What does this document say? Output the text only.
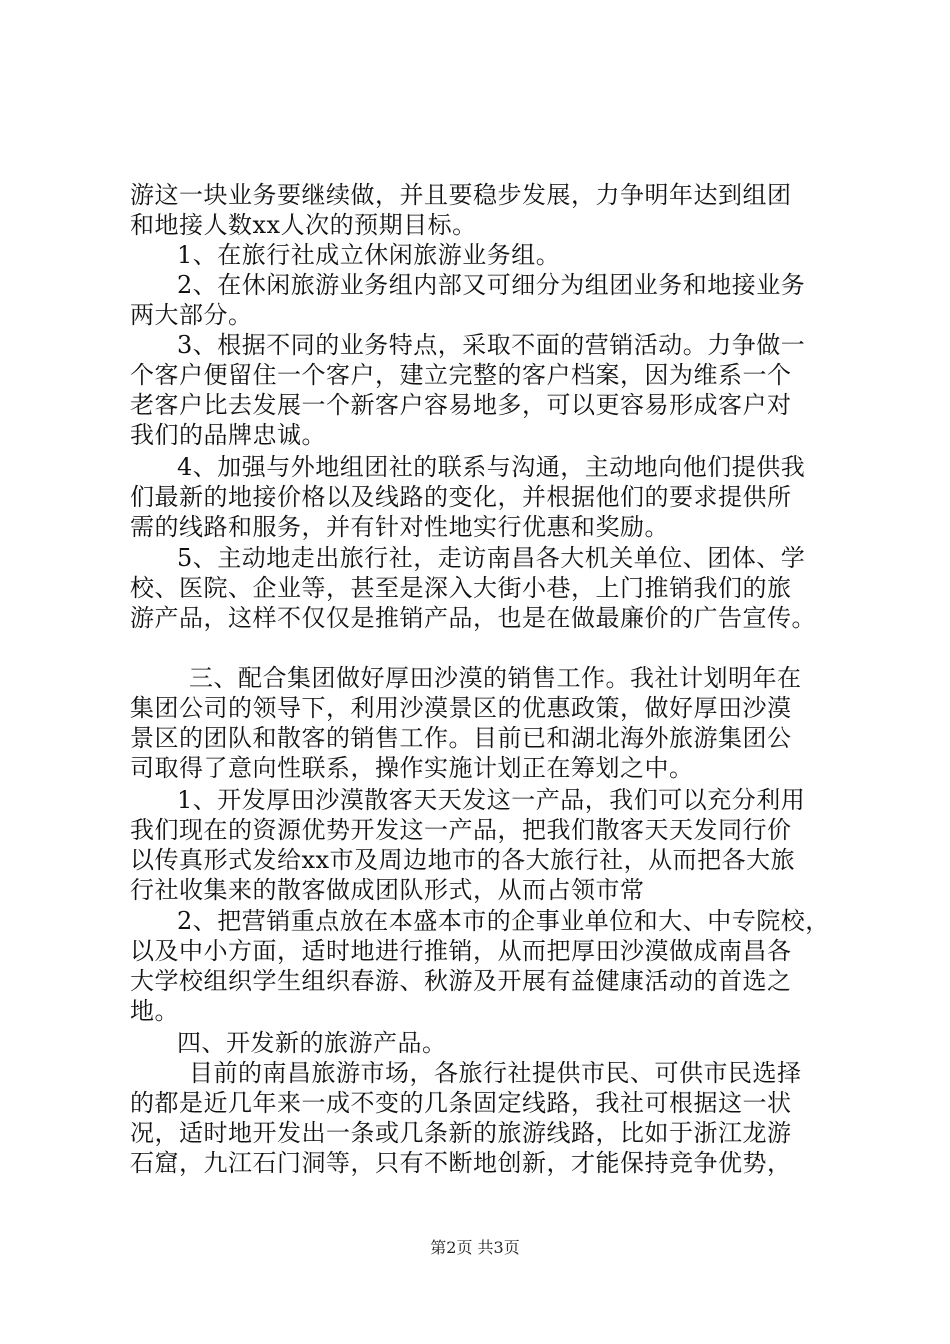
游这一块业务要继续做，并且要稳步发展，力争明年达到组团
和地接人数xx人次的预期目标。
1、在旅行社成立休闲旅游业务组。
2、在休闲旅游业务组内部又可细分为组团业务和地接业务
两大部分。
3、根据不同的业务特点，采取不面的营销活动。力争做一
个客户便留住一个客户，建立完整的客户档案，因为维系一个
老客户比去发展一个新客户容易地多，可以更容易形成客户对
我们的品牌忠诚。
4、加强与外地组团社的联系与沟通，主动地向他们提供我
们最新的地接价格以及线路的变化，并根据他们的要求提供所
需的线路和服务，并有针对性地实行优惠和奖励。
5、主动地走出旅行社，走访南昌各大机关单位、团体、学
校、医院、企业等，甚至是深入大街小巷，上门推销我们的旅
游产品，这样不仅仅是推销产品，也是在做最廉价的广告宣传。
三、配合集团做好厚田沙漠的销售工作。我社计划明年在
集团公司的领导下，利用沙漠景区的优惠政策，做好厚田沙漠
景区的团队和散客的销售工作。目前已和湖北海外旅游集团公
司取得了意向性联系，操作实施计划正在筹划之中。
1、开发厚田沙漠散客天天发这一产品，我们可以充分利用
我们现在的资源优势开发这一产品，把我们散客天天发同行价
以传真形式发给xx市及周边地市的各大旅行社，从而把各大旅
行社收集来的散客做成团队形式，从而占领市常
2、把营销重点放在本盛本市的企事业单位和大、中专院校，
以及中小方面，适时地进行推销，从而把厚田沙漠做成南昌各
大学校组织学生组织春游、秋游及开展有益健康活动的首选之
地。
四、开发新的旅游产品。
目前的南昌旅游市场，各旅行社提供市民、可供市民选择
的都是近几年来一成不变的几条固定线路，我社可根据这一状
况，适时地开发出一条或几条新的旅游线路，比如于浙江龙游
石窟，九江石门洞等，只有不断地创新，才能保持竞争优势，
第2页 共3页
